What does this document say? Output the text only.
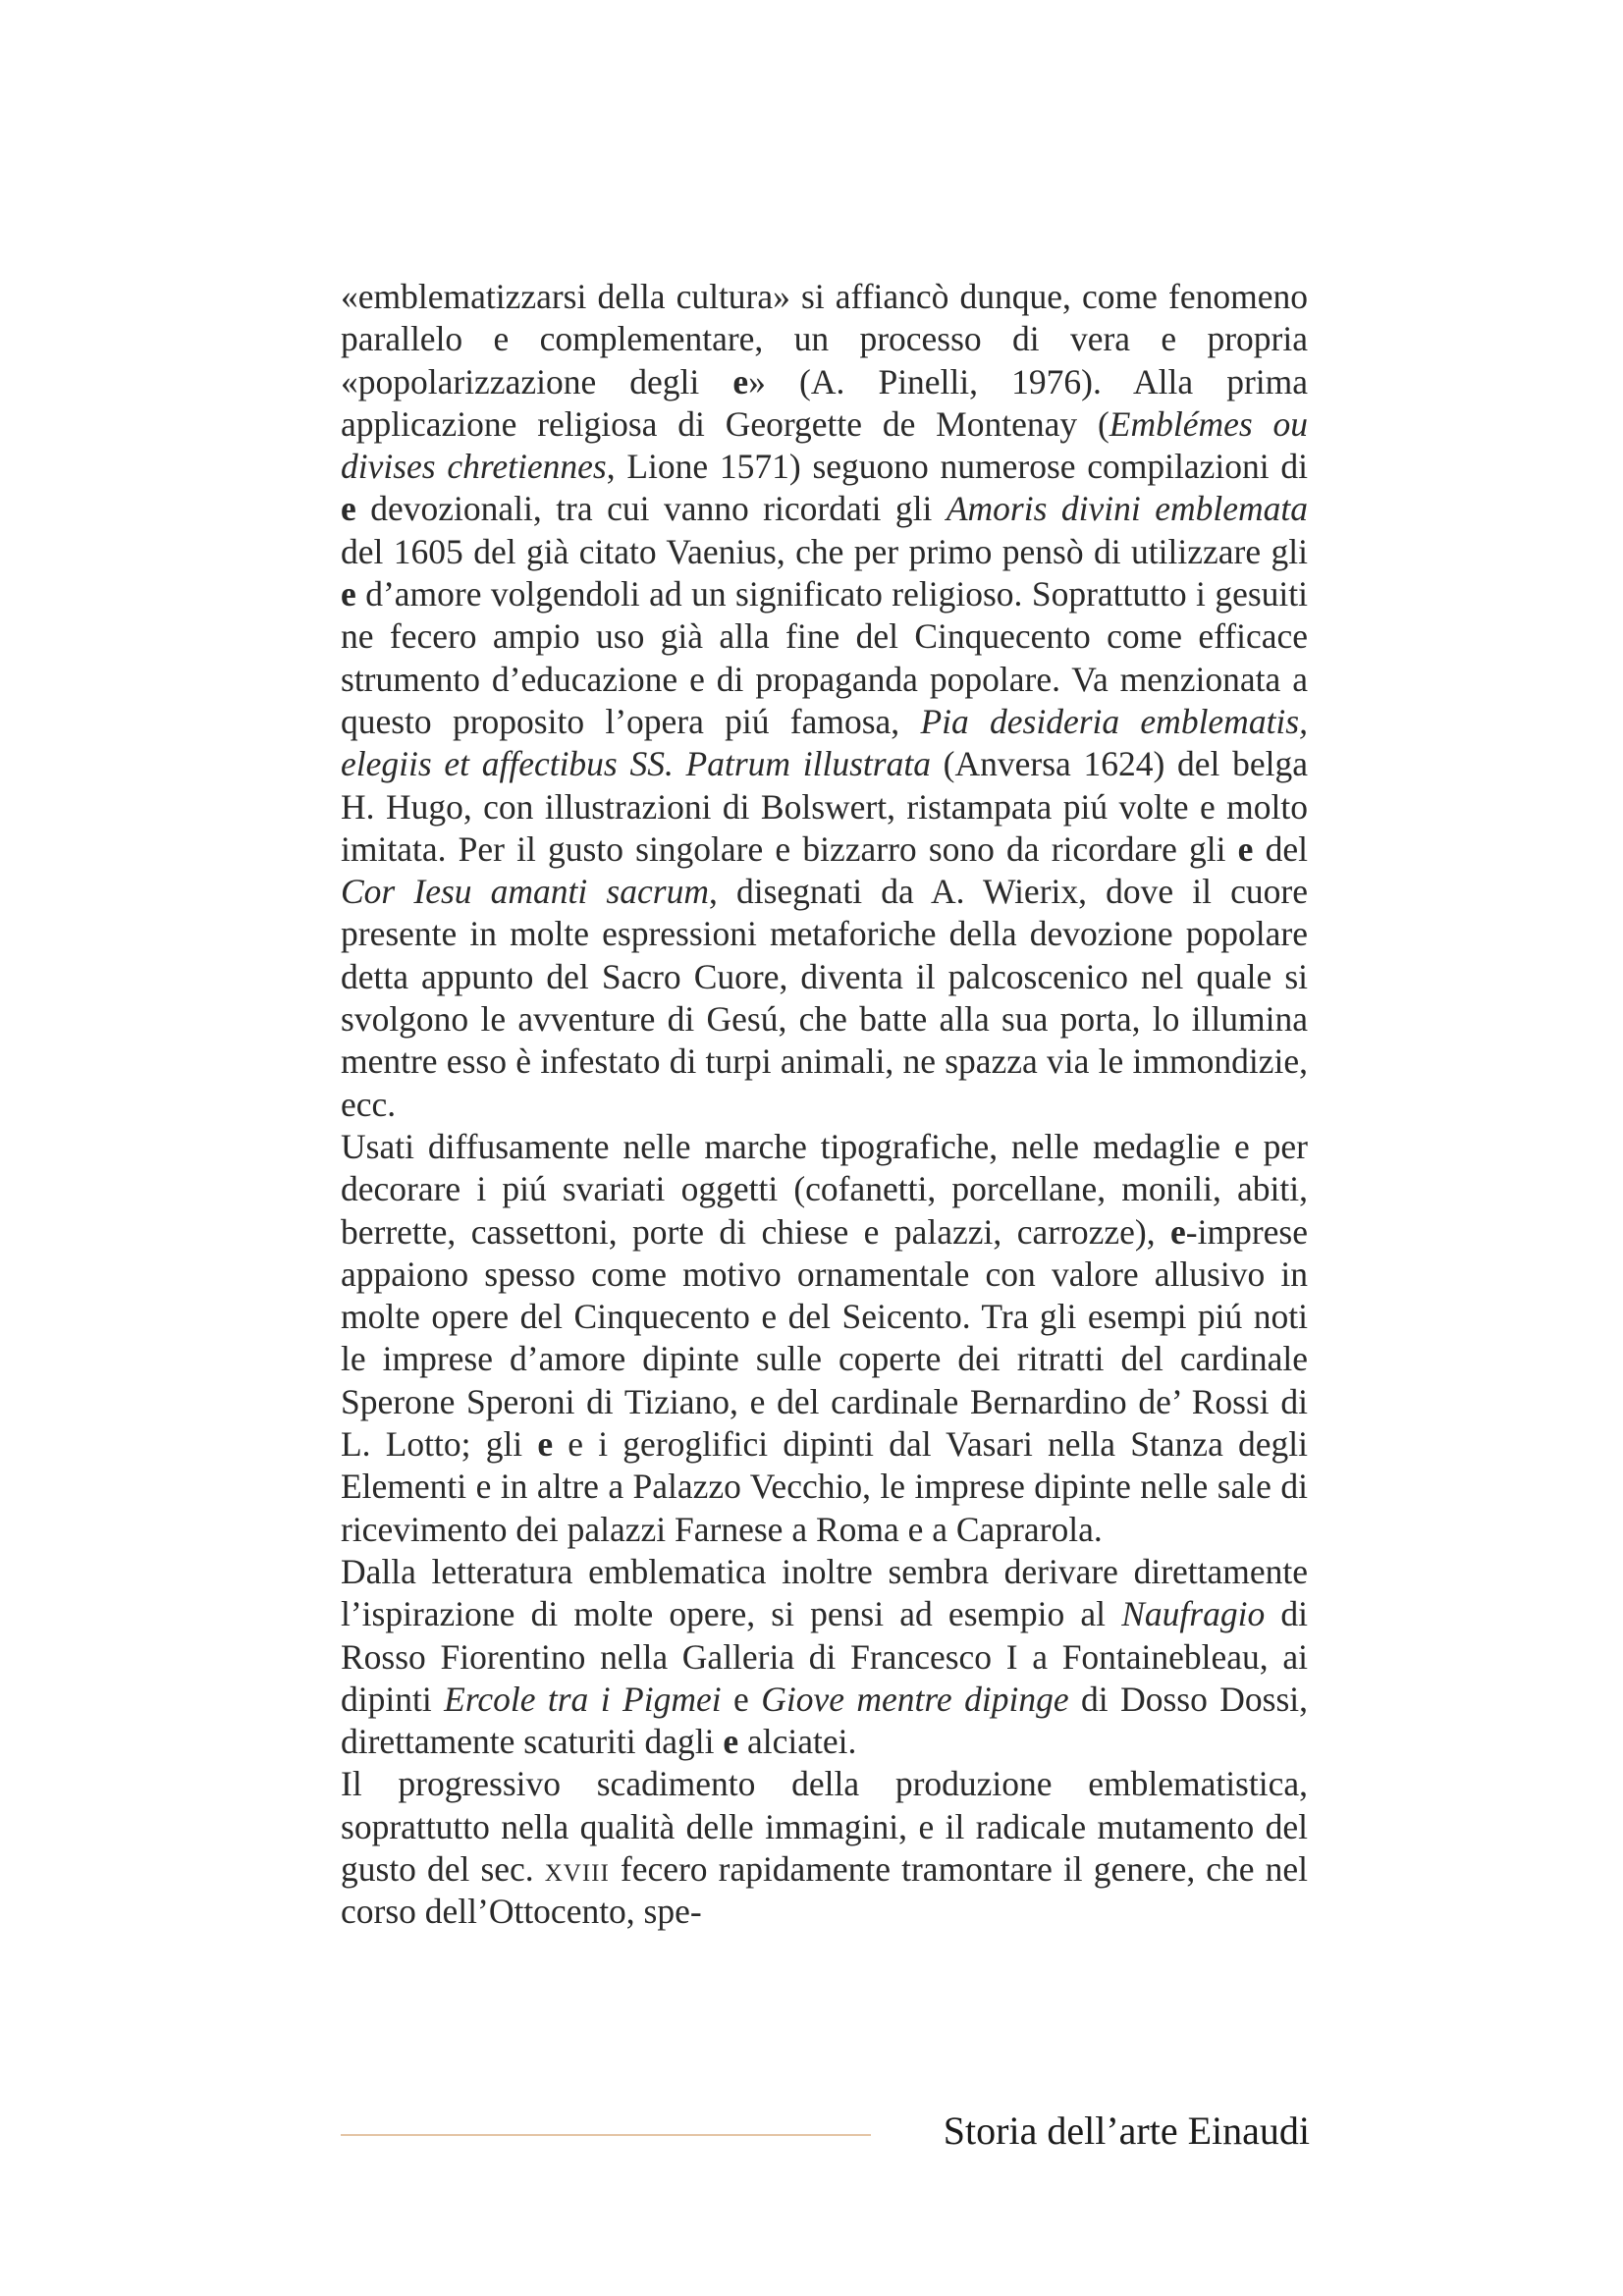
«emblematizzarsi della cultura» si affiancò dunque, come fenomeno parallelo e complementare, un processo di vera e propria «popolarizzazione degli e» (A. Pinelli, 1976). Alla prima applicazione religiosa di Georgette de Montenay (Emblémes ou divises chretiennes, Lione 1571) seguono numerose compilazioni di e devozionali, tra cui vanno ricordati gli Amoris divini emblemata del 1605 del già citato Vaenius, che per primo pensò di utilizzare gli e d’amore volgendoli ad un significato religioso. Soprattutto i gesuiti ne fecero ampio uso già alla fine del Cinquecento come efficace strumento d’educazione e di propaganda popolare. Va menzionata a questo proposito l’opera piú famosa, Pia desideria emblematis, elegiis et affectibus SS. Patrum illustrata (Anversa 1624) del belga H. Hugo, con illustrazioni di Bolswert, ristampata piú volte e molto imitata. Per il gusto singolare e bizzarro sono da ricordare gli e del Cor Iesu amanti sacrum, disegnati da A. Wierix, dove il cuore presente in molte espressioni metaforiche della devozione popolare detta appunto del Sacro Cuore, diventa il palcoscenico nel quale si svolgono le avventure di Gesú, che batte alla sua porta, lo illumina mentre esso è infestato di turpi animali, ne spazza via le immondizie, ecc.

Usati diffusamente nelle marche tipografiche, nelle medaglie e per decorare i piú svariati oggetti (cofanetti, porcellane, monili, abiti, berrette, cassettoni, porte di chiese e palazzi, carrozze), e-imprese appaiono spesso come motivo ornamentale con valore allusivo in molte opere del Cinquecento e del Seicento. Tra gli esempi piú noti le imprese d’amore dipinte sulle coperte dei ritratti del cardinale Sperone Speroni di Tiziano, e del cardinale Bernardino de’ Rossi di L. Lotto; gli e e i geroglifici dipinti dal Vasari nella Stanza degli Elementi e in altre a Palazzo Vecchio, le imprese dipinte nelle sale di ricevimento dei palazzi Farnese a Roma e a Caprarola.

Dalla letteratura emblematica inoltre sembra derivare direttamente l’ispirazione di molte opere, si pensi ad esempio al Naufragio di Rosso Fiorentino nella Galleria di Francesco I a Fontainebleau, ai dipinti Ercole tra i Pigmei e Giove mentre dipinge di Dosso Dossi, direttamente scaturiti dagli e alciatei.

Il progressivo scadimento della produzione emblematistica, soprattutto nella qualità delle immagini, e il radicale mutamento del gusto del sec. xviii fecero rapidamente tramontare il genere, che nel corso dell’Ottocento, spe-

Storia dell’arte Einaudi
